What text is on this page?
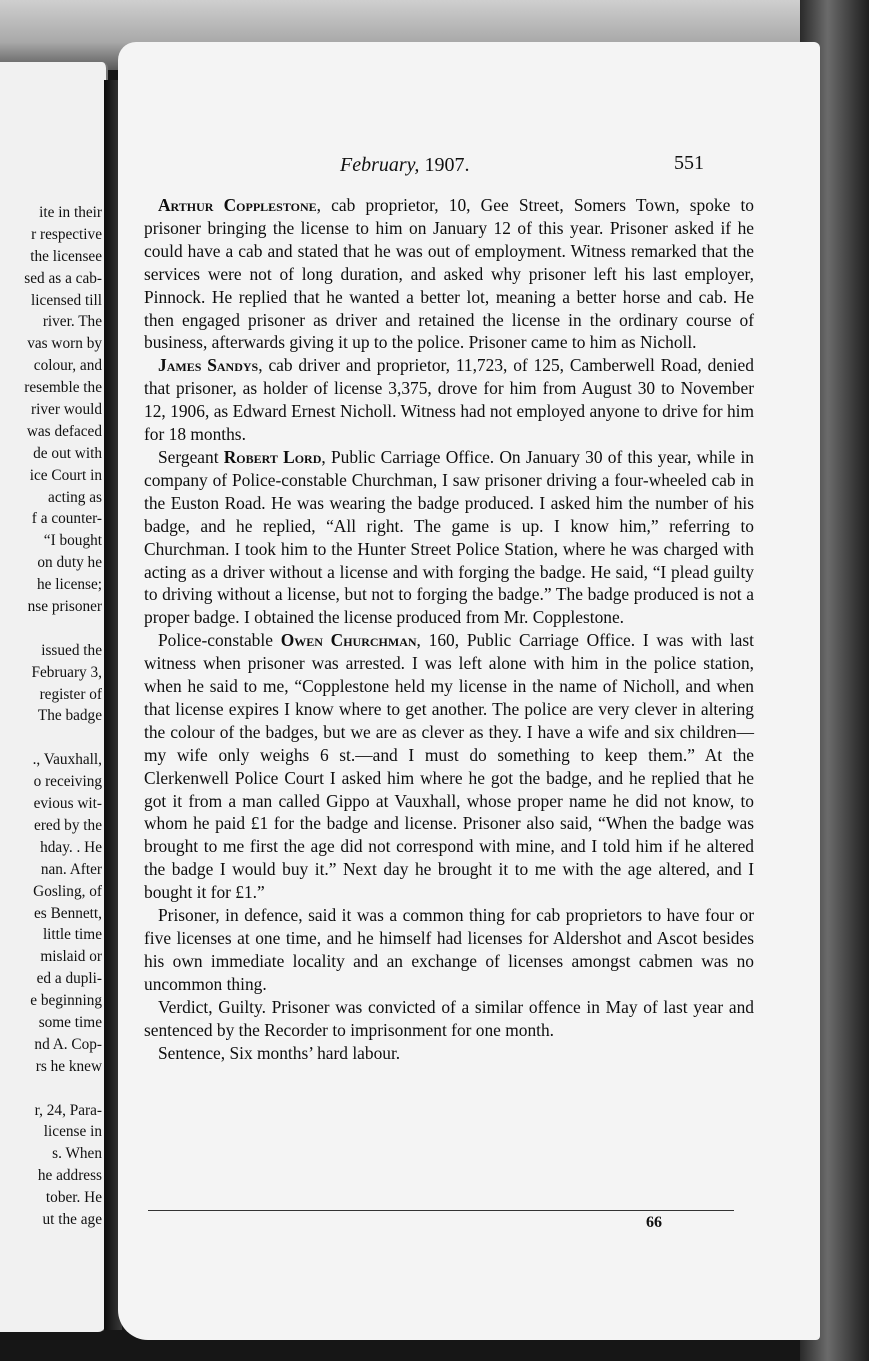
ite in their
r respective
the licensee
sed as a cab-
licensed till
river. The
vas worn by
colour, and
resemble the
river would
was defaced
de out with
ice Court in
acting as
f a counter-
“I bought
on duty he
he license;
nse prisoner
issued the
February 3,
register of
The badge
., Vauxhall,
o receiving
evious wit-
ered by the
hday. . He
nan. After
Gosling, of
es Bennett,
little time
mislaid or
ed a dupli-
e beginning
some time
nd A. Cop-
rs he knew
r, 24, Para-
license in
s. When
he address
tober. He
ut the age
February, 1907.	551

Arthur Copplestone, cab proprietor, 10, Gee Street, Somers Town, spoke to prisoner bringing the license to him on January 12 of this year. Prisoner asked if he could have a cab and stated that he was out of employment. Witness remarked that the services were not of long duration, and asked why prisoner left his last employer, Pinnock. He replied that he wanted a better lot, meaning a better horse and cab. He then engaged prisoner as driver and retained the license in the ordinary course of business, afterwards giving it up to the police. Prisoner came to him as Nicholl.

James Sandys, cab driver and proprietor, 11,723, of 125, Camberwell Road, denied that prisoner, as holder of license 3,375, drove for him from August 30 to November 12, 1906, as Edward Ernest Nicholl. Witness had not employed anyone to drive for him for 18 months.

Sergeant Robert Lord, Public Carriage Office. On January 30 of this year, while in company of Police-constable Churchman, I saw prisoner driving a four-wheeled cab in the Euston Road. He was wearing the badge produced. I asked him the number of his badge, and he replied, “All right. The game is up. I know him,” referring to Churchman. I took him to the Hunter Street Police Station, where he was charged with acting as a driver without a license and with forging the badge. He said, “I plead guilty to driving without a license, but not to forging the badge.” The badge produced is not a proper badge. I obtained the license produced from Mr. Copplestone.

Police-constable Owen Churchman, 160, Public Carriage Office. I was with last witness when prisoner was arrested. I was left alone with him in the police station, when he said to me, “Copplestone held my license in the name of Nicholl, and when that license expires I know where to get another. The police are very clever in altering the colour of the badges, but we are as clever as they. I have a wife and six children—my wife only weighs 6 st.—and I must do something to keep them.” At the Clerkenwell Police Court I asked him where he got the badge, and he replied that he got it from a man called Gippo at Vauxhall, whose proper name he did not know, to whom he paid £1 for the badge and license. Prisoner also said, “When the badge was brought to me first the age did not correspond with mine, and I told him if he altered the badge I would buy it.” Next day he brought it to me with the age altered, and I bought it for £1.”

Prisoner, in defence, said it was a common thing for cab proprietors to have four or five licenses at one time, and he himself had licenses for Aldershot and Ascot besides his own immediate locality and an exchange of licenses amongst cabmen was no uncommon thing.

Verdict, Guilty. Prisoner was convicted of a similar offence in May of last year and sentenced by the Recorder to imprisonment for one month.

Sentence, Six months’ hard labour.

66
